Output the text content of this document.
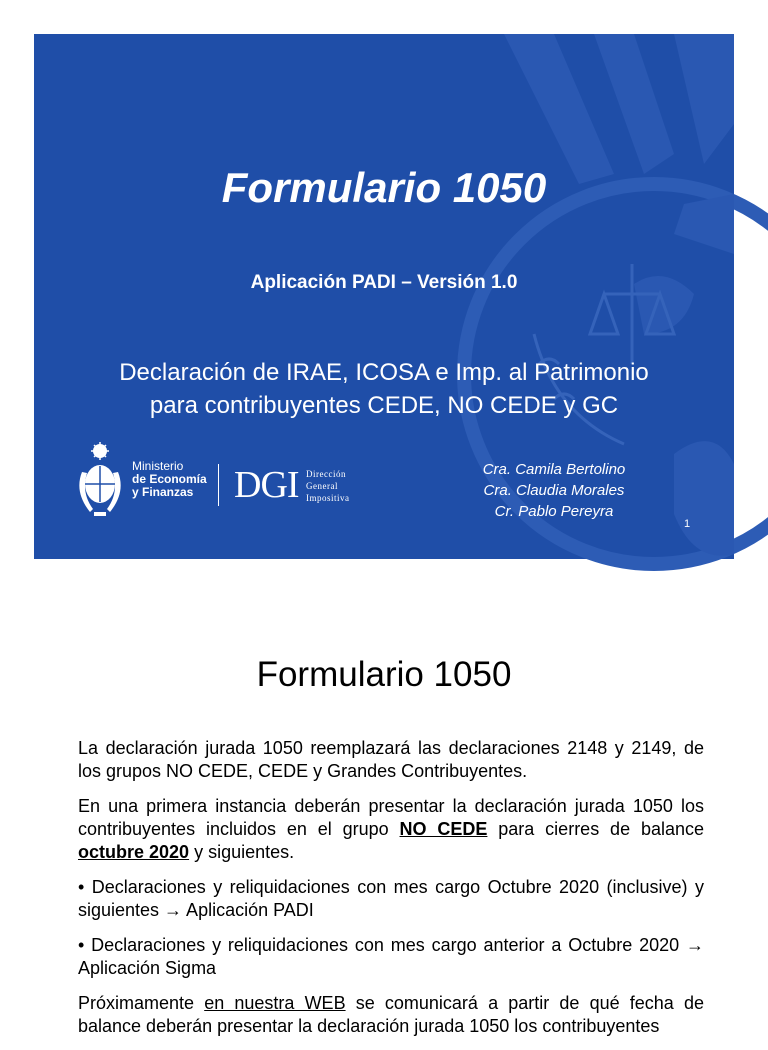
Formulario 1050
Aplicación PADI – Versión 1.0
Declaración de IRAE, ICOSA e Imp. al Patrimonio
para contribuyentes CEDE, NO CEDE y GC
Ministerio
de Economía
y Finanzas	DGI Dirección
General
Impositiva
Cra. Camila Bertolino
Cra. Claudia Morales
Cr. Pablo Pereyra
1
Formulario 1050

La declaración jurada 1050 reemplazará las declaraciones 2148 y 2149, de los grupos NO CEDE, CEDE y Grandes Contribuyentes.

En una primera instancia deberán presentar la declaración jurada 1050 los contribuyentes incluidos en el grupo NO CEDE para cierres de balance octubre 2020 y siguientes.

• Declaraciones y reliquidaciones con mes cargo Octubre 2020 (inclusive) y siguientes → Aplicación PADI

• Declaraciones y reliquidaciones con mes cargo anterior a Octubre 2020 → Aplicación Sigma

Próximamente en nuestra WEB se comunicará a partir de qué fecha de balance deberán presentar la declaración jurada 1050 los contribuyentes
